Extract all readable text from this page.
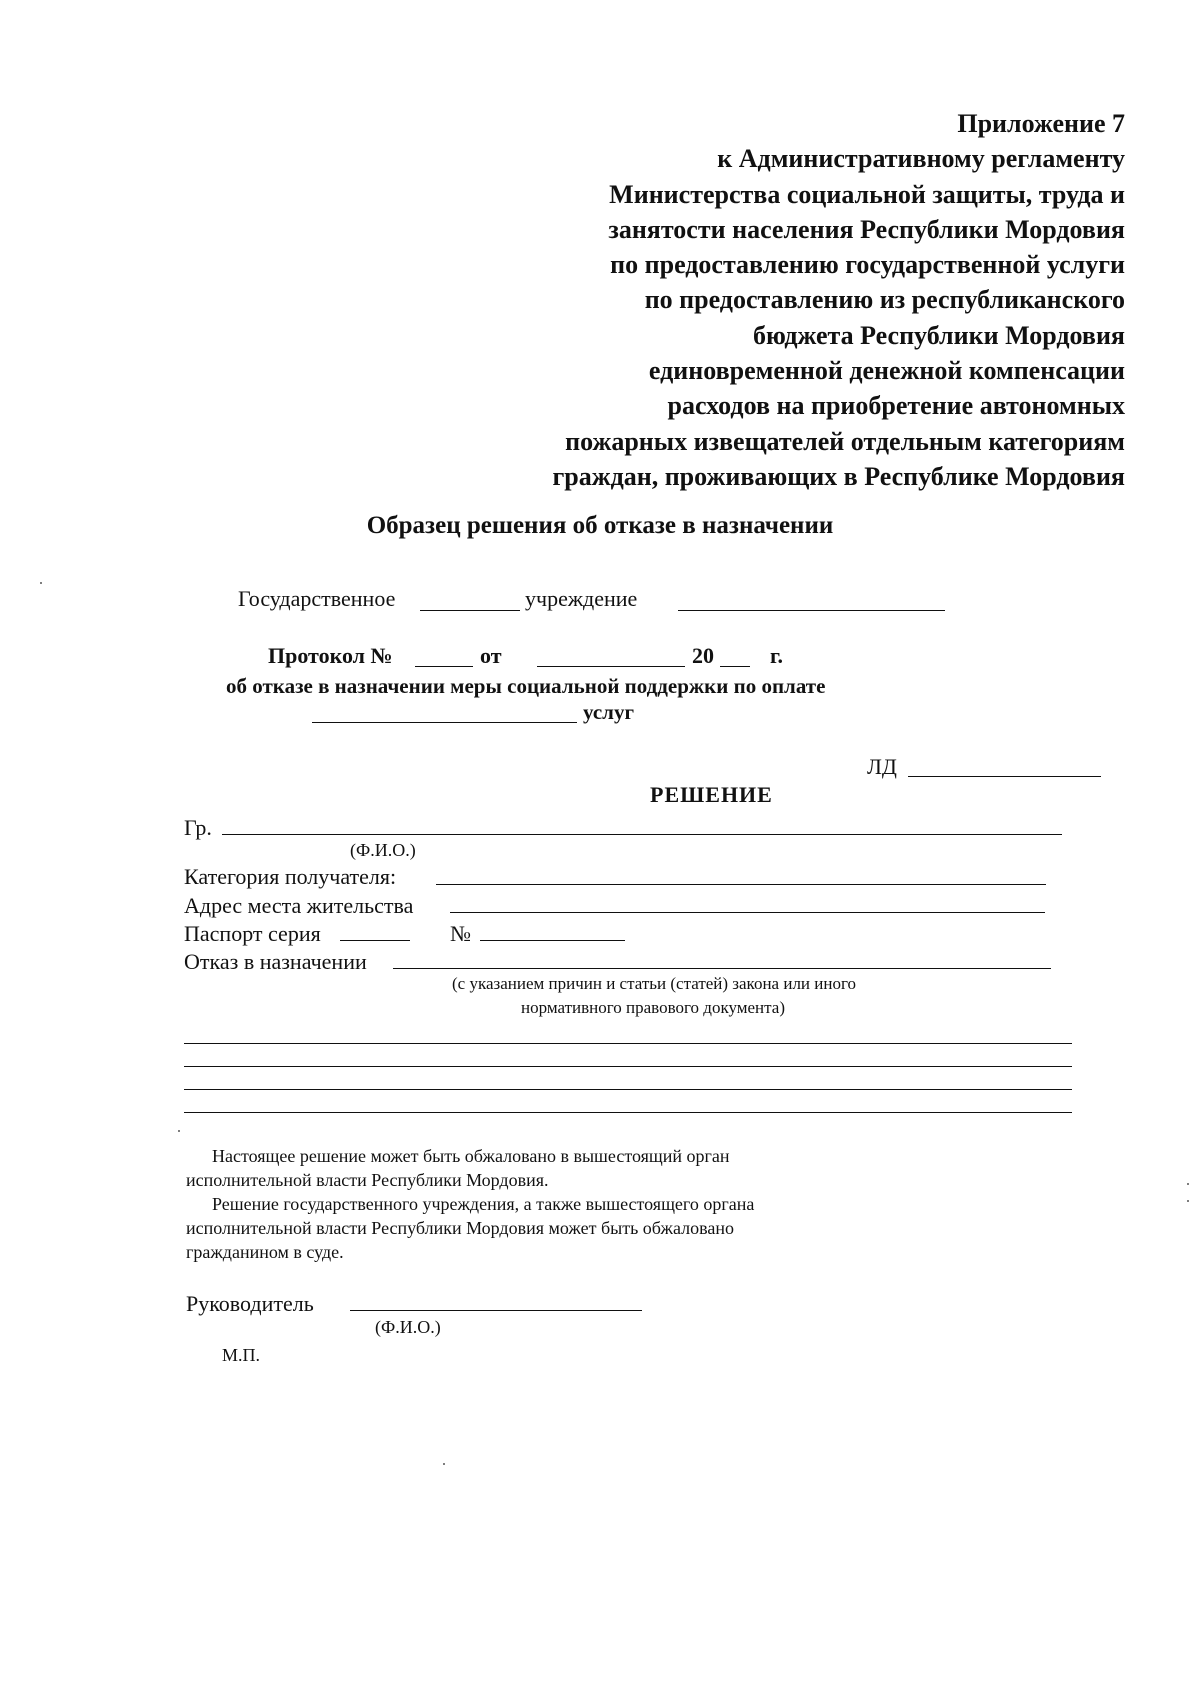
Приложение 7
к Административному регламенту
Министерства социальной защиты, труда и
занятости населения Республики Мордовия
по предоставлению государственной услуги
по предоставлению из республиканского
бюджета Республики Мордовия
единовременной денежной компенсации
расходов на приобретение автономных
пожарных извещателей отдельным категориям
граждан, проживающих в Республике Мордовия
Образец решения об отказе в назначении
Государственное	учреждение
Протокол №	от	20	г.
об отказе в назначении меры социальной поддержки по оплате
услуг
ЛД
РЕШЕНИЕ
Гр.
(Ф.И.О.)
Категория получателя:
Адрес места жительства
Паспорт серия	№
Отказ в назначении
(с указанием причин и статьи (статей) закона или иного
нормативного правового документа)
Настоящее решение может быть обжаловано в вышестоящий орган
исполнительной власти Республики Мордовия.
Решение государственного учреждения, а также вышестоящего органа
исполнительной власти Республики Мордовия может быть обжаловано
гражданином в суде.
Руководитель
(Ф.И.О.)
М.П.
